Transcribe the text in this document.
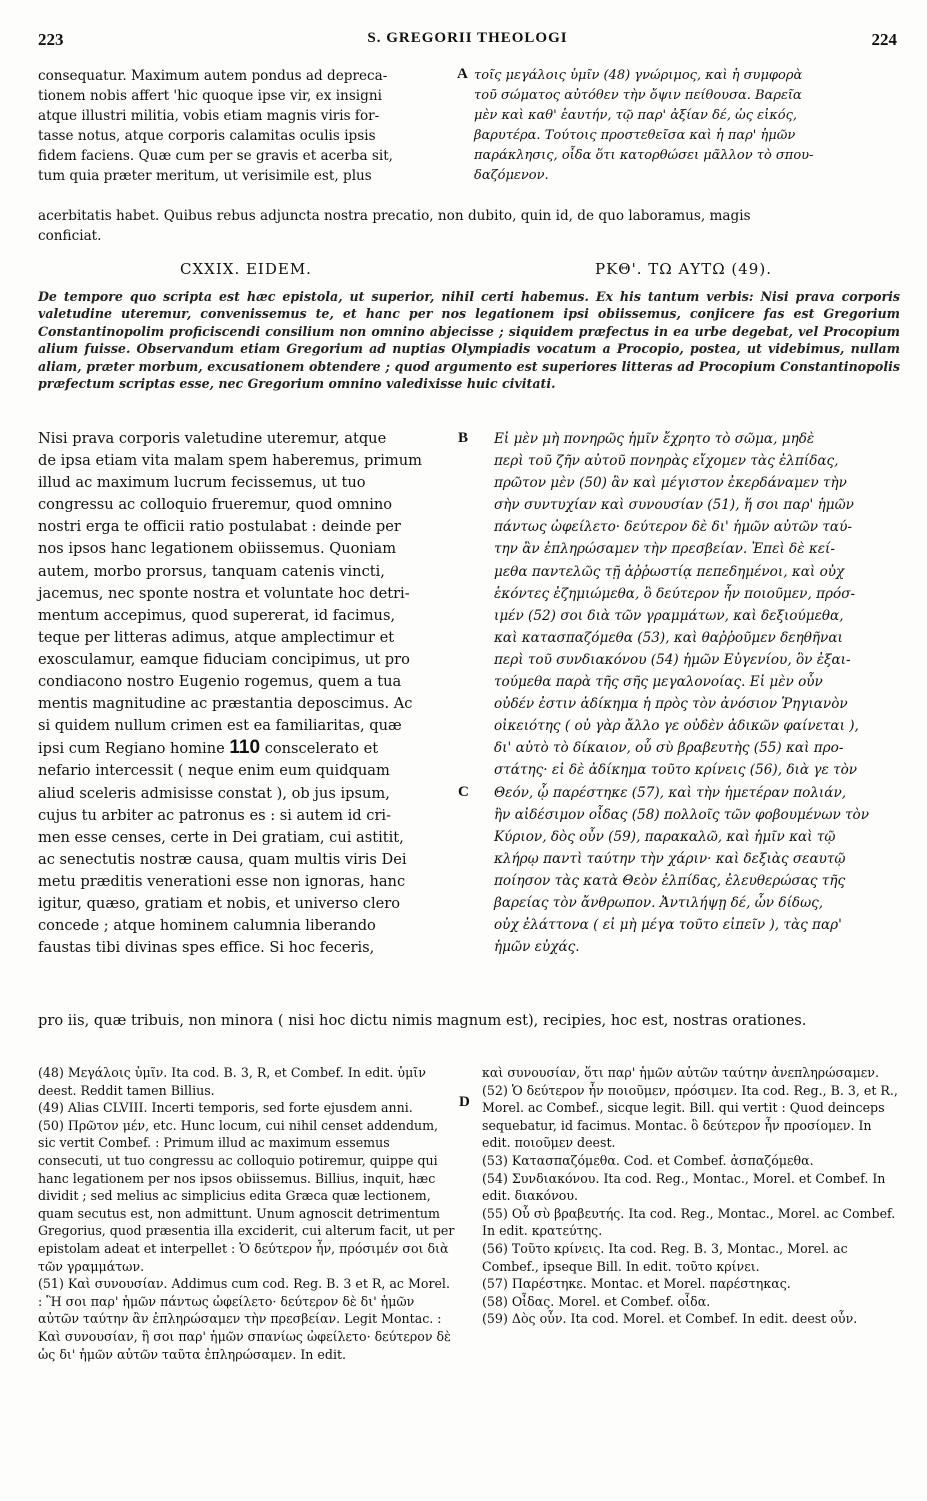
223	S. GREGORII THEOLOGI	224
consequatur. Maximum autem pondus ad depreca-
tionem nobis affert 'hic quoque ipse vir, ex insigni
atque illustri militia, vobis etiam magnis viris for-
tasse notus, atque corporis calamitas oculis ipsis
fidem faciens. Quæ cum per se gravis et acerba sit,
tum quia præter meritum, ut verisimile est, plus
A τοῖς μεγάλοις ὑμῖν (48) γνώριμος, καὶ ἡ συμφορὰ
τοῦ σώματος αὐτόθεν τὴν ὄψιν πείθουσα. Βαρεῖα
μὲν καὶ καθ' ἑαυτήν, τῷ παρ' ἀξίαν δέ, ὡς εἰκός,
βαρυτέρα. Τούτοις προστεθεῖσα καὶ ἡ παρ' ἡμῶν
παράκλησις, οἶδα ὅτι κατορθώσει μᾶλλον τὸ σπου-
δαζόμενον.
acerbitatis habet. Quibus rebus adjuncta nostra precatio, non dubito, quin id, de quo laboramus, magis
conficiat.
CXXIX. EIDEM.	ΡΚΘ'. ΤΩ ΑΥΤΩ (49).
De tempore quo scripta est hæc epistola, ut superior, nihil certi habemus. Ex his tantum verbis: Nisi prava corporis valetudine uteremur, convenissemus te, et hanc per nos legationem ipsi obiissemus, conjicere fas est Gregorium Constantinopolim proficiscendi consilium non omnino abjecisse ; siquidem præfectus in ea urbe degebat, vel Procopium alium fuisse. Observandum etiam Gregorium ad nuptias Olympiadis vocatum a Procopio, postea, ut videbimus, nullam aliam, præter morbum, excusationem obtendere ; quod argumento est superiores litteras ad Procopium Constantinopolis præfectum scriptas esse, nec Gregorium omnino valedixisse huic civitati.
Nisi prava corporis valetudine uteremur, atque
de ipsa etiam vita malam spem haberemus, primum
illud ac maximum lucrum fecissemus, ut tuo
congressu ac colloquio frueremur, quod omnino
nostri erga te officii ratio postulabat : deinde per
nos ipsos hanc legationem obiissemus. Quoniam
autem, morbo prorsus, tanquam catenis vincti,
jacemus, nec sponte nostra et voluntate hoc detri-
mentum accepimus, quod supererat, id facimus,
teque per litteras adimus, atque amplectimur et
exosculamur, eamque fiduciam concipimus, ut pro
condiacono nostro Eugenio rogemus, quem a tua
mentis magnitudine ac præstantia deposcimus. Ac
si quidem nullum crimen est ea familiaritas, quæ
ipsi cum Regiano homine 110 conscelerato et
nefario intercessit ( neque enim eum quidquam
aliud sceleris admisisse constat ), ob jus ipsum,
cujus tu arbiter ac patronus es : si autem id cri-
men esse censes, certe in Dei gratiam, cui astitit,
ac senectutis nostræ causa, quam multis viris Dei
metu præditis venerationi esse non ignoras, hanc
igitur, quæso, gratiam et nobis, et universo clero
concede ; atque hominem calumnia liberando
faustas tibi divinas spes effice. Si hoc feceris,
B
C
Εἰ μὲν μὴ πονηρῶς ἡμῖν ἔχρητο τὸ σῶμα, μηδὲ
περὶ τοῦ ζῆν αὐτοῦ πονηρὰς εἴχομεν τὰς ἐλπίδας,
πρῶτον μὲν (50) ἂν καὶ μέγιστον ἐκερδάναμεν τὴν
σὴν συντυχίαν καὶ συνουσίαν (51), ἥ σοι παρ' ἡμῶν
πάντως ὠφείλετο· δεύτερον δὲ δι' ἡμῶν αὐτῶν ταύ-
την ἂν ἐπληρώσαμεν τὴν πρεσβείαν. Ἐπεὶ δὲ κεί-
μεθα παντελῶς τῇ ἀῤῥωστίᾳ πεπεδημένοι, καὶ οὐχ
ἑκόντες ἐζημιώμεθα, ὃ δεύτερον ἦν ποιοῦμεν, πρόσ-
ιμέν (52) σοι διὰ τῶν γραμμάτων, καὶ δεξιούμεθα,
καὶ κατασπαζόμεθα (53), καὶ θαῤῥοῦμεν δεηθῆναι
περὶ τοῦ συνδιακόνου (54) ἡμῶν Εὐγενίου, ὃν ἐξαι-
τούμεθα παρὰ τῆς σῆς μεγαλονοίας. Εἰ μὲν οὖν
οὐδέν ἐστιν ἀδίκημα ἡ πρὸς τὸν ἀνόσιον Ῥηγιανὸν
οἰκειότης ( οὐ γὰρ ἄλλο γε οὐδὲν ἀδικῶν φαίνεται ),
δι' αὐτὸ τὸ δίκαιον, οὗ σὺ βραβευτὴς (55) καὶ προ-
στάτης· εἰ δὲ ἀδίκημα τοῦτο κρίνεις (56), διὰ γε τὸν
Θεόν, ᾧ παρέστηκε (57), καὶ τὴν ἡμετέραν πολιάν,
ἣν αἰδέσιμον οἶδας (58) πολλοῖς τῶν φοβουμένων τὸν
Κύριον, δὸς οὖν (59), παρακαλῶ, καὶ ἡμῖν καὶ τῷ
κλήρῳ παντὶ ταύτην τὴν χάριν· καὶ δεξιὰς σεαυτῷ
ποίησον τὰς κατὰ Θεὸν ἐλπίδας, ἐλευθερώσας τῆς
βαρείας τὸν ἄνθρωπον. Ἀντιλήψῃ δέ, ὧν δίδως,
οὐχ ἐλάττονα ( εἰ μὴ μέγα τοῦτο εἰπεῖν ), τὰς παρ'
ἡμῶν εὐχάς.
pro iis, quæ tribuis, non minora ( nisi hoc dictu nimis magnum est), recipies, hoc est, nostras orationes.
D
(48) Μεγάλοις ὑμῖν. Ita cod. B. 3, R, et Combef. In edit. ὑμῖν deest. Reddit tamen Billius.
(49) Alias CLVIII. Incerti temporis, sed forte ejusdem anni.
(50) Πρῶτον μέν, etc. Hunc locum, cui nihil censet addendum, sic vertit Combef. : Primum illud ac maximum essemus consecuti, ut tuo congressu ac colloquio potiremur, quippe qui hanc legationem per nos ipsos obiissemus. Billius, inquit, hæc dividit ; sed melius ac simplicius edita Græca quæ lectionem, quam secutus est, non admittunt. Unum agnoscit detrimentum Gregorius, quod præsentia illa exciderit, cui alterum facit, ut per epistolam adeat et interpellet : Ὁ δεύτερον ἦν, πρόσιμέν σοι διὰ τῶν γραμμάτων.
(51) Καὶ συνουσίαν. Addimus cum cod. Reg. B. 3 et R, ac Morel. : Ἣ σοι παρ' ἡμῶν πάντως ὠφείλετο· δεύτερον δὲ δι' ἡμῶν αὐτῶν ταύτην ἂν ἐπληρώσαμεν τὴν πρεσβείαν. Legit Montac. : Καὶ συνουσίαν, ἣ σοι παρ' ἡμῶν σπανίως ὠφείλετο· δεύτερον δὲ ὡς δι' ἡμῶν αὐτῶν ταῦτα ἐπληρώσαμεν. In edit.
καὶ συνουσίαν, ὅτι παρ' ἡμῶν αὐτῶν ταύτην ἀνεπληρώσαμεν.
(52) Ὁ δεύτερον ἦν ποιοῦμεν, πρόσιμεν. Ita cod. Reg., B. 3, et R., Morel. ac Combef., sicque legit. Bill. qui vertit : Quod deinceps sequebatur, id facimus. Montac. ὃ δεύτερον ἦν προσίομεν. In edit. ποιοῦμεν deest.
(53) Κατασπαζόμεθα. Cod. et Combef. ἀσπαζόμεθα.
(54) Συνδιακόνου. Ita cod. Reg., Montac., Morel. et Combef. In edit. διακόνου.
(55) Οὗ σὺ βραβευτής. Ita cod. Reg., Montac., Morel. ac Combef. In edit. κρατεύτης.
(56) Τοῦτο κρίνεις. Ita cod. Reg. B. 3, Montac., Morel. ac Combef., ipseque Bill. In edit. τοῦτο κρίνει.
(57) Παρέστηκε. Montac. et Morel. παρέστηκας.
(58) Οἶδας. Morel. et Combef. οἶδα.
(59) Δὸς οὖν. Ita cod. Morel. et Combef. In edit. deest οὖν.
